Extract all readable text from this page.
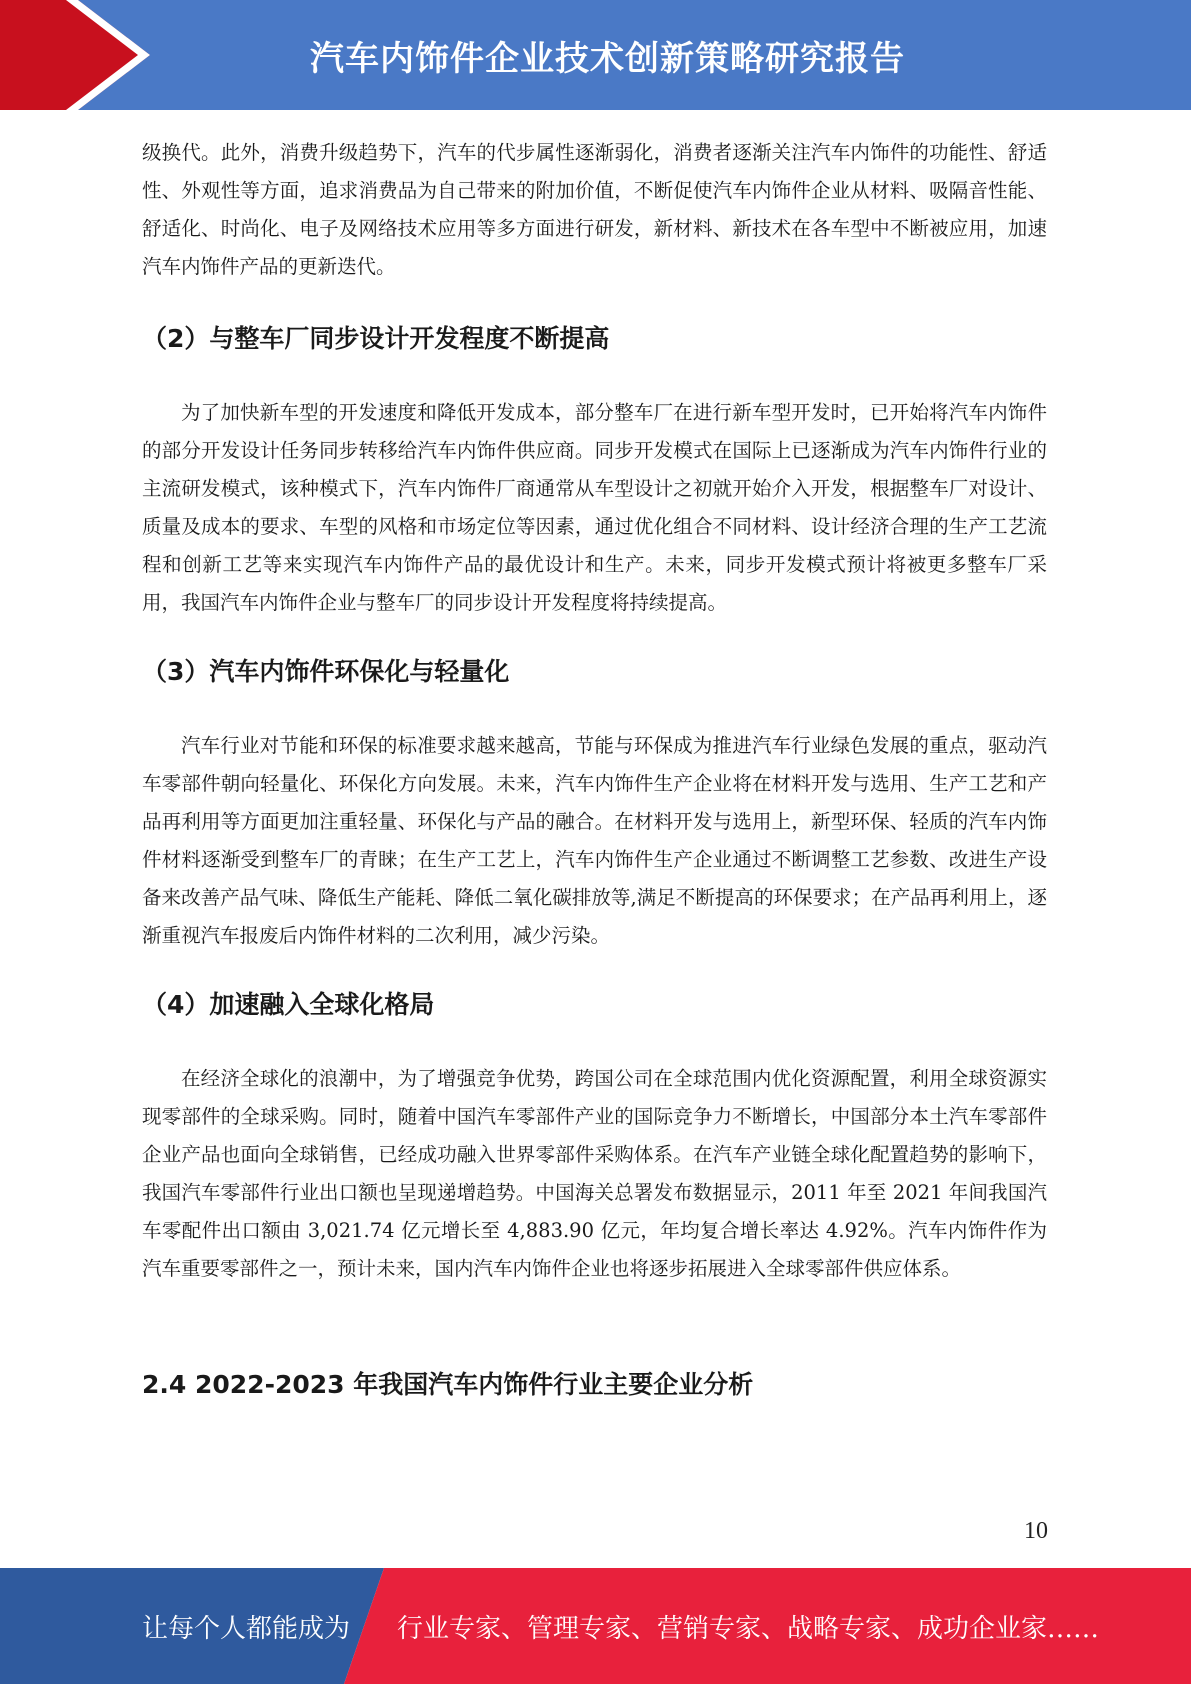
汽车内饰件企业技术创新策略研究报告

级换代。此外，消费升级趋势下，汽车的代步属性逐渐弱化，消费者逐渐关注汽车内饰件的功能性、舒适性、外观性等方面，追求消费品为自己带来的附加价值，不断促使汽车内饰件企业从材料、吸隔音性能、舒适化、时尚化、电子及网络技术应用等多方面进行研发，新材料、新技术在各车型中不断被应用，加速汽车内饰件产品的更新迭代。

（2）与整车厂同步设计开发程度不断提高

为了加快新车型的开发速度和降低开发成本，部分整车厂在进行新车型开发时，已开始将汽车内饰件的部分开发设计任务同步转移给汽车内饰件供应商。同步开发模式在国际上已逐渐成为汽车内饰件行业的主流研发模式，该种模式下，汽车内饰件厂商通常从车型设计之初就开始介入开发，根据整车厂对设计、质量及成本的要求、车型的风格和市场定位等因素，通过优化组合不同材料、设计经济合理的生产工艺流程和创新工艺等来实现汽车内饰件产品的最优设计和生产。未来，同步开发模式预计将被更多整车厂采用，我国汽车内饰件企业与整车厂的同步设计开发程度将持续提高。

（3）汽车内饰件环保化与轻量化

汽车行业对节能和环保的标准要求越来越高，节能与环保成为推进汽车行业绿色发展的重点，驱动汽车零部件朝向轻量化、环保化方向发展。未来，汽车内饰件生产企业将在材料开发与选用、生产工艺和产品再利用等方面更加注重轻量、环保化与产品的融合。在材料开发与选用上，新型环保、轻质的汽车内饰件材料逐渐受到整车厂的青睐；在生产工艺上，汽车内饰件生产企业通过不断调整工艺参数、改进生产设备来改善产品气味、降低生产能耗、降低二氧化碳排放等,满足不断提高的环保要求；在产品再利用上，逐渐重视汽车报废后内饰件材料的二次利用，减少污染。

（4）加速融入全球化格局

在经济全球化的浪潮中，为了增强竞争优势，跨国公司在全球范围内优化资源配置，利用全球资源实现零部件的全球采购。同时，随着中国汽车零部件产业的国际竞争力不断增长，中国部分本土汽车零部件企业产品也面向全球销售，已经成功融入世界零部件采购体系。在汽车产业链全球化配置趋势的影响下，我国汽车零部件行业出口额也呈现递增趋势。中国海关总署发布数据显示，2011 年至 2021 年间我国汽车零配件出口额由 3,021.74 亿元增长至 4,883.90 亿元，年均复合增长率达 4.92%。汽车内饰件作为汽车重要零部件之一，预计未来，国内汽车内饰件企业也将逐步拓展进入全球零部件供应体系。

2.4 2022-2023 年我国汽车内饰件行业主要企业分析
10
让每个人都能成为 行业专家、管理专家、营销专家、战略专家、成功企业家……
